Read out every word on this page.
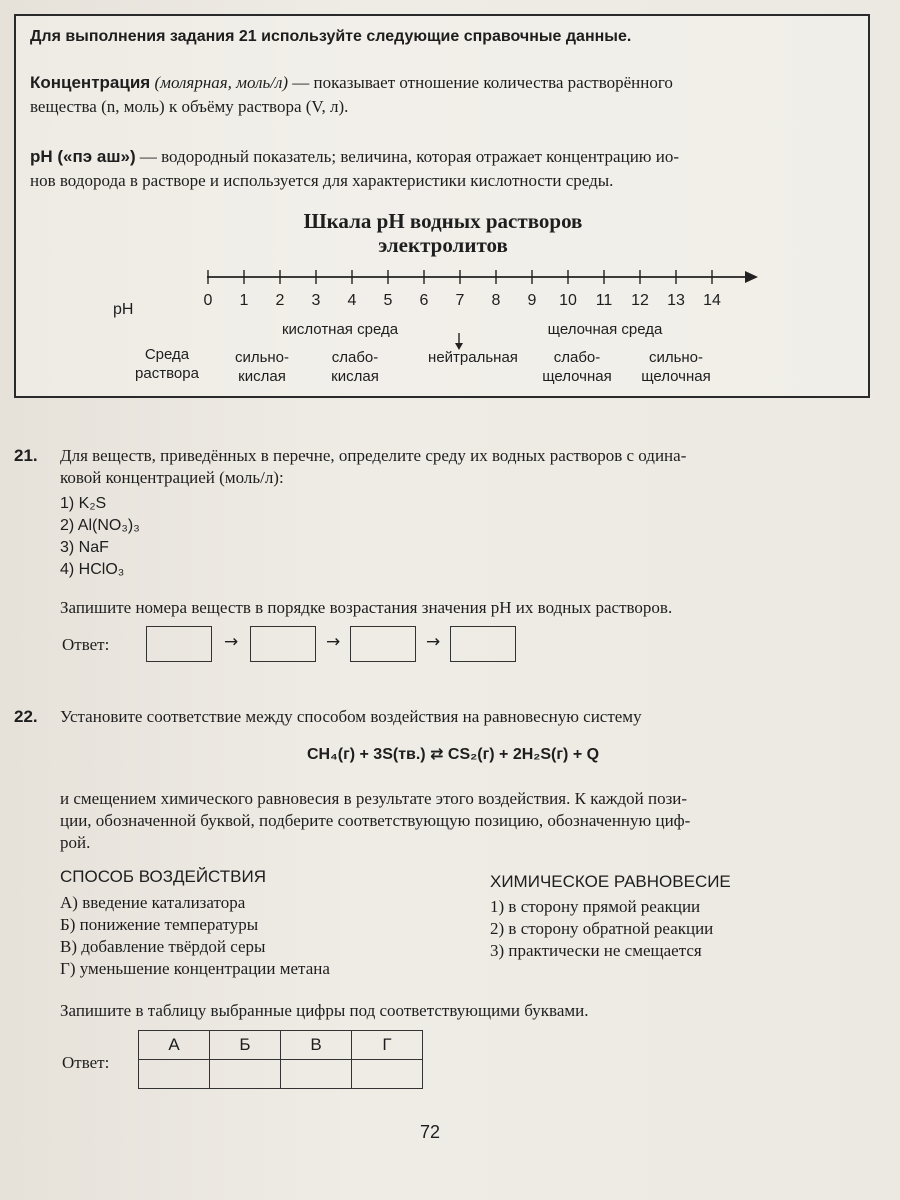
Для выполнения задания 21 используйте следующие справочные данные.
Концентрация (молярная, моль/л) — показывает отношение количества растворённого
вещества (n, моль) к объёму раствора (V, л).
pH («пэ аш») — водородный показатель; величина, которая отражает концентрацию ио-
нов водорода в растворе и используется для характеристики кислотности среды.
Шкала pH водных растворов
электролитов
pH
0	1	2	3	4	5	6	7	8	9	10	11	12	13	14
кислотная среда	щелочная среда
Среда
раствора
сильно-
кислая
слабо-
кислая
нейтральная	слабо-
щелочная
сильно-
щелочная
21. Для веществ, приведённых в перечне, определите среду их водных растворов с одина-
ковой концентрацией (моль/л):
1) K₂S
2) Al(NO₃)₃
3) NaF
4) HClO₃
Запишите номера веществ в порядке возрастания значения pH их водных растворов.
Ответ:	→	→	→
22. Установите соответствие между способом воздействия на равновесную систему
CH₄(г) + 3S(тв.) ⇄ CS₂(г) + 2H₂S(г) + Q
и смещением химического равновесия в результате этого воздействия. К каждой пози-
ции, обозначенной буквой, подберите соответствующую позицию, обозначенную циф-
рой.
СПОСОБ ВОЗДЕЙСТВИЯ
А) введение катализатора
Б) понижение температуры
В) добавление твёрдой серы
Г) уменьшение концентрации метана
ХИМИЧЕСКОЕ РАВНОВЕСИЕ
1) в сторону прямой реакции
2) в сторону обратной реакции
3) практически не смещается
Запишите в таблицу выбранные цифры под соответствующими буквами.
Ответ:
А	Б	В	Г

72
